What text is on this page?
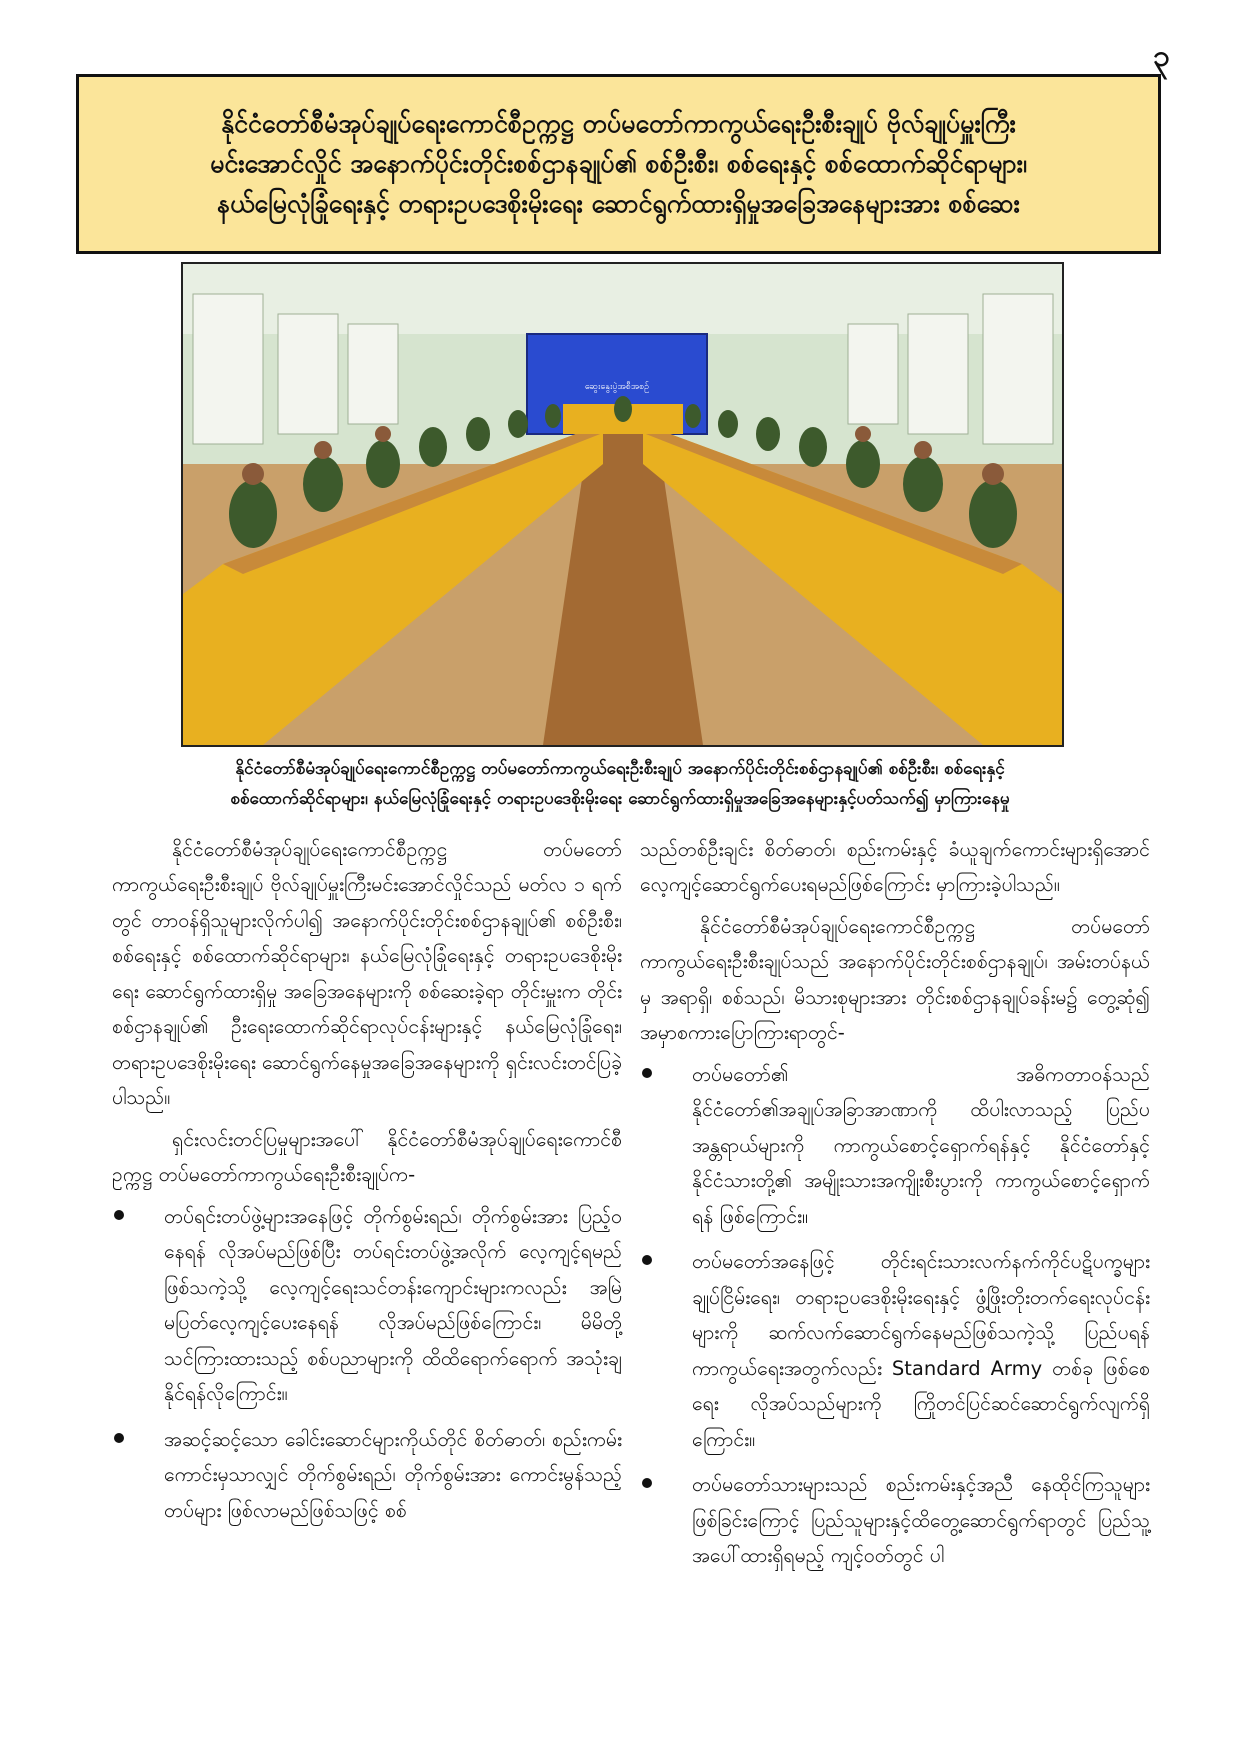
၃
နိုင်ငံတော်စီမံအုပ်ချုပ်ရေးကောင်စီဥက္ကဋ္ဌ တပ်မတော်ကာကွယ်ရေးဦးစီးချုပ် ဗိုလ်ချုပ်မှူးကြီး
မင်းအောင်လှိုင် အနောက်ပိုင်းတိုင်းစစ်ဌာနချုပ်၏ စစ်ဦးစီး၊ စစ်ရေးနှင့် စစ်ထောက်ဆိုင်ရာများ၊
နယ်မြေလုံခြုံရေးနှင့် တရားဥပဒေစိုးမိုးရေး ဆောင်ရွက်ထားရှိမှုအခြေအနေများအား စစ်ဆေး
ဆွေးနွေးပွဲအစီအစဉ်
နိုင်ငံတော်စီမံအုပ်ချုပ်ရေးကောင်စီဥက္ကဋ္ဌ တပ်မတော်ကာကွယ်ရေးဦးစီးချုပ် အနောက်ပိုင်းတိုင်းစစ်ဌာနချုပ်၏ စစ်ဦးစီး၊ စစ်ရေးနှင့်
စစ်ထောက်ဆိုင်ရာများ၊ နယ်မြေလုံခြုံရေးနှင့် တရားဥပဒေစိုးမိုးရေး ဆောင်ရွက်ထားရှိမှုအခြေအနေများနှင့်ပတ်သက်၍ မှာကြားနေမှု

နိုင်ငံတော်စီမံအုပ်ချုပ်ရေးကောင်စီဥက္ကဋ္ဌ တပ်မတော်ကာကွယ်ရေးဦးစီးချုပ် ဗိုလ်ချုပ်မှူးကြီးမင်းအောင်လှိုင်သည် မတ်လ ၁ ရက်တွင် တာဝန်ရှိသူများလိုက်ပါ၍ အနောက်ပိုင်းတိုင်းစစ်ဌာနချုပ်၏ စစ်ဦးစီး၊ စစ်ရေးနှင့် စစ်ထောက်ဆိုင်ရာများ၊ နယ်မြေလုံခြုံရေးနှင့် တရားဥပဒေစိုးမိုးရေး ဆောင်ရွက်ထားရှိမှု အခြေအနေများကို စစ်ဆေးခဲ့ရာ တိုင်းမှူးက တိုင်းစစ်ဌာနချုပ်၏ ဦးရေးထောက်ဆိုင်ရာလုပ်ငန်းများနှင့် နယ်မြေလုံခြုံရေး၊ တရားဥပဒေစိုးမိုးရေး ဆောင်ရွက်နေမှုအခြေအနေများကို ရှင်းလင်းတင်ပြခဲ့ပါသည်။

ရှင်းလင်းတင်ပြမှုများအပေါ် နိုင်ငံတော်စီမံအုပ်ချုပ်ရေးကောင်စီဥက္ကဋ္ဌ တပ်မတော်ကာကွယ်ရေးဦးစီးချုပ်က-

တပ်ရင်းတပ်ဖွဲ့များအနေဖြင့် တိုက်စွမ်းရည်၊ တိုက်စွမ်းအား ပြည့်ဝနေရန် လိုအပ်မည်ဖြစ်ပြီး တပ်ရင်းတပ်ဖွဲ့အလိုက် လေ့ကျင့်ရမည်ဖြစ်သကဲ့သို့ လေ့ကျင့်ရေးသင်တန်းကျောင်းများကလည်း အမြဲမပြတ်လေ့ကျင့်ပေးနေရန် လိုအပ်မည်ဖြစ်ကြောင်း၊ မိမိတို့ သင်ကြားထားသည့် စစ်ပညာများကို ထိထိရောက်ရောက် အသုံးချနိုင်ရန်လိုကြောင်း။
အဆင့်ဆင့်သော ခေါင်းဆောင်များကိုယ်တိုင် စိတ်ဓာတ်၊ စည်းကမ်းကောင်းမှသာလျှင် တိုက်စွမ်းရည်၊ တိုက်စွမ်းအား ကောင်းမွန်သည့်တပ်များ ဖြစ်လာမည်ဖြစ်သဖြင့် စစ်

သည်တစ်ဦးချင်း စိတ်ဓာတ်၊ စည်းကမ်းနှင့် ခံယူချက်ကောင်းများရှိအောင် လေ့ကျင့်ဆောင်ရွက်ပေးရမည်ဖြစ်ကြောင်း မှာကြားခဲ့ပါသည်။

နိုင်ငံတော်စီမံအုပ်ချုပ်ရေးကောင်စီဥက္ကဋ္ဌ တပ်မတော်ကာကွယ်ရေးဦးစီးချုပ်သည် အနောက်ပိုင်းတိုင်းစစ်ဌာနချုပ်၊ အမ်းတပ်နယ်မှ အရာရှိ၊ စစ်သည်၊ မိသားစုများအား တိုင်းစစ်ဌာနချုပ်ခန်းမ၌ တွေ့ဆုံ၍ အမှာစကားပြောကြားရာတွင်-

တပ်မတော်၏ အဓိကတာဝန်သည် နိုင်ငံတော်၏အချုပ်အခြာအာဏာကို ထိပါးလာသည့် ပြည်ပအန္တရာယ်များကို ကာကွယ်စောင့်ရှောက်ရန်နှင့် နိုင်ငံတော်နှင့် နိုင်ငံသားတို့၏ အမျိုးသားအကျိုးစီးပွားကို ကာကွယ်စောင့်ရှောက်ရန် ဖြစ်ကြောင်း။
တပ်မတော်အနေဖြင့် တိုင်းရင်းသားလက်နက်ကိုင်ပဋိပက္ခများ ချုပ်ငြိမ်းရေး၊ တရားဥပဒေစိုးမိုးရေးနှင့် ဖွံ့ဖြိုးတိုးတက်ရေးလုပ်ငန်းများကို ဆက်လက်ဆောင်ရွက်နေမည်ဖြစ်သကဲ့သို့ ပြည်ပရန်ကာကွယ်ရေးအတွက်လည်း Standard Army တစ်ခု ဖြစ်စေရေး လိုအပ်သည်များကို ကြိုတင်ပြင်ဆင်ဆောင်ရွက်လျက်ရှိကြောင်း။
တပ်မတော်သားများသည် စည်းကမ်းနှင့်အညီ နေထိုင်ကြသူများဖြစ်ခြင်းကြောင့် ပြည်သူများနှင့်ထိတွေ့ဆောင်ရွက်ရာတွင် ပြည်သူ့အပေါ်ထားရှိရမည့် ကျင့်ဝတ်တွင် ပါ
